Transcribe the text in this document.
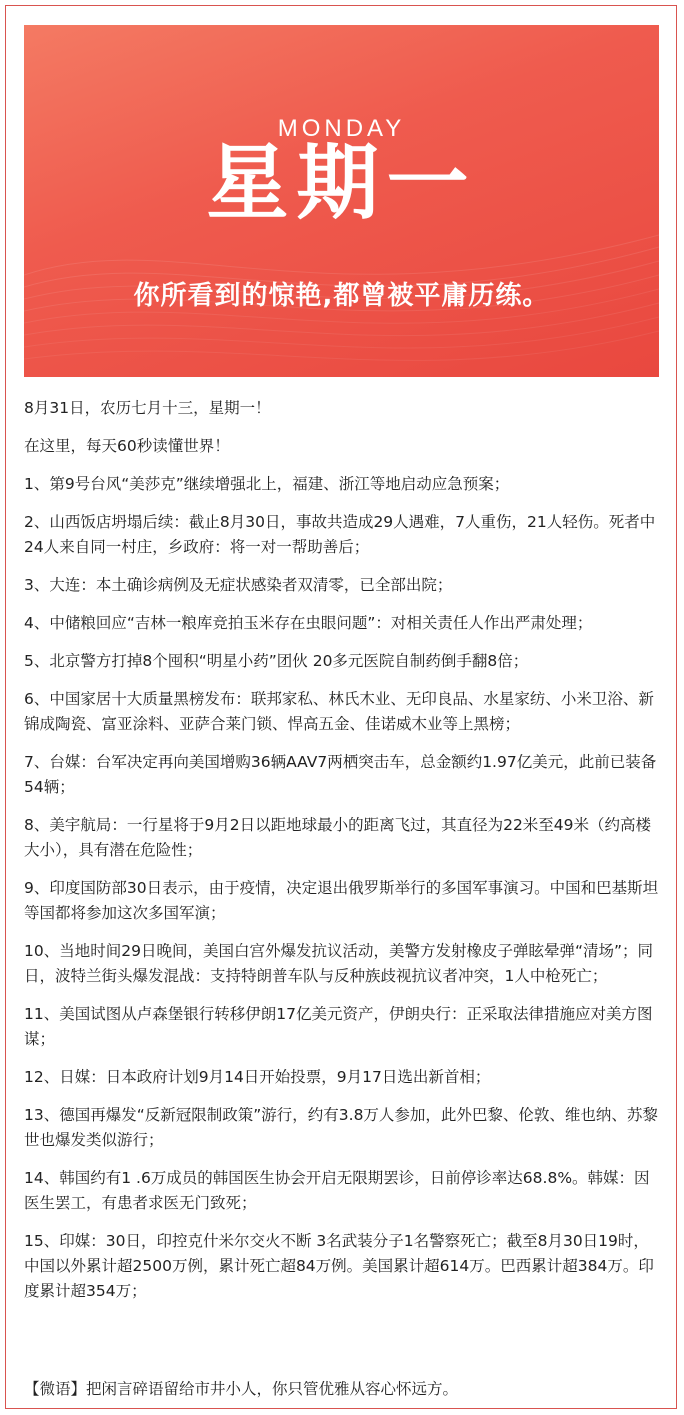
MONDAY
星期一
你所看到的惊艳,都曾被平庸历练。

8月31日，农历七月十三，星期一！

在这里，每天60秒读懂世界！

1、第9号台风“美莎克”继续增强北上，福建、浙江等地启动应急预案；

2、山西饭店坍塌后续：截止8月30日，事故共造成29人遇难，7人重伤，21人轻伤。死者中24人来自同一村庄，乡政府：将一对一帮助善后；

3、大连：本土确诊病例及无症状感染者双清零，已全部出院；

4、中储粮回应“吉林一粮库竞拍玉米存在虫眼问题”：对相关责任人作出严肃处理；

5、北京警方打掉8个囤积“明星小药”团伙 20多元医院自制药倒手翻8倍；

6、中国家居十大质量黑榜发布：联邦家私、林氏木业、无印良品、水星家纺、小米卫浴、新锦成陶瓷、富亚涂料、亚萨合莱门锁、悍高五金、佳诺威木业等上黑榜；

7、台媒：台军决定再向美国增购36辆AAV7两栖突击车，总金额约1.97亿美元，此前已装备54辆；

8、美宇航局：一行星将于9月2日以距地球最小的距离飞过，其直径为22米至49米（约高楼大小），具有潜在危险性；

9、印度国防部30日表示，由于疫情，决定退出俄罗斯举行的多国军事演习。中国和巴基斯坦等国都将参加这次多国军演；

10、当地时间29日晚间，美国白宫外爆发抗议活动，美警方发射橡皮子弹眩晕弹“清场”；同日，波特兰街头爆发混战：支持特朗普车队与反种族歧视抗议者冲突，1人中枪死亡；

11、美国试图从卢森堡银行转移伊朗17亿美元资产，伊朗央行：正采取法律措施应对美方图谋；

12、日媒：日本政府计划9月14日开始投票，9月17日选出新首相；

13、德国再爆发“反新冠限制政策”游行，约有3.8万人参加，此外巴黎、伦敦、维也纳、苏黎世也爆发类似游行；

14、韩国约有1 .6万成员的韩国医生协会开启无限期罢诊，日前停诊率达68.8%。韩媒：因医生罢工，有患者求医无门致死；

15、印媒：30日，印控克什米尔交火不断 3名武装分子1名警察死亡；截至8月30日19时，中国以外累计超2500万例，累计死亡超84万例。美国累计超614万。巴西累计超384万。印度累计超354万；

【微语】把闲言碎语留给市井小人，你只管优雅从容心怀远方。
